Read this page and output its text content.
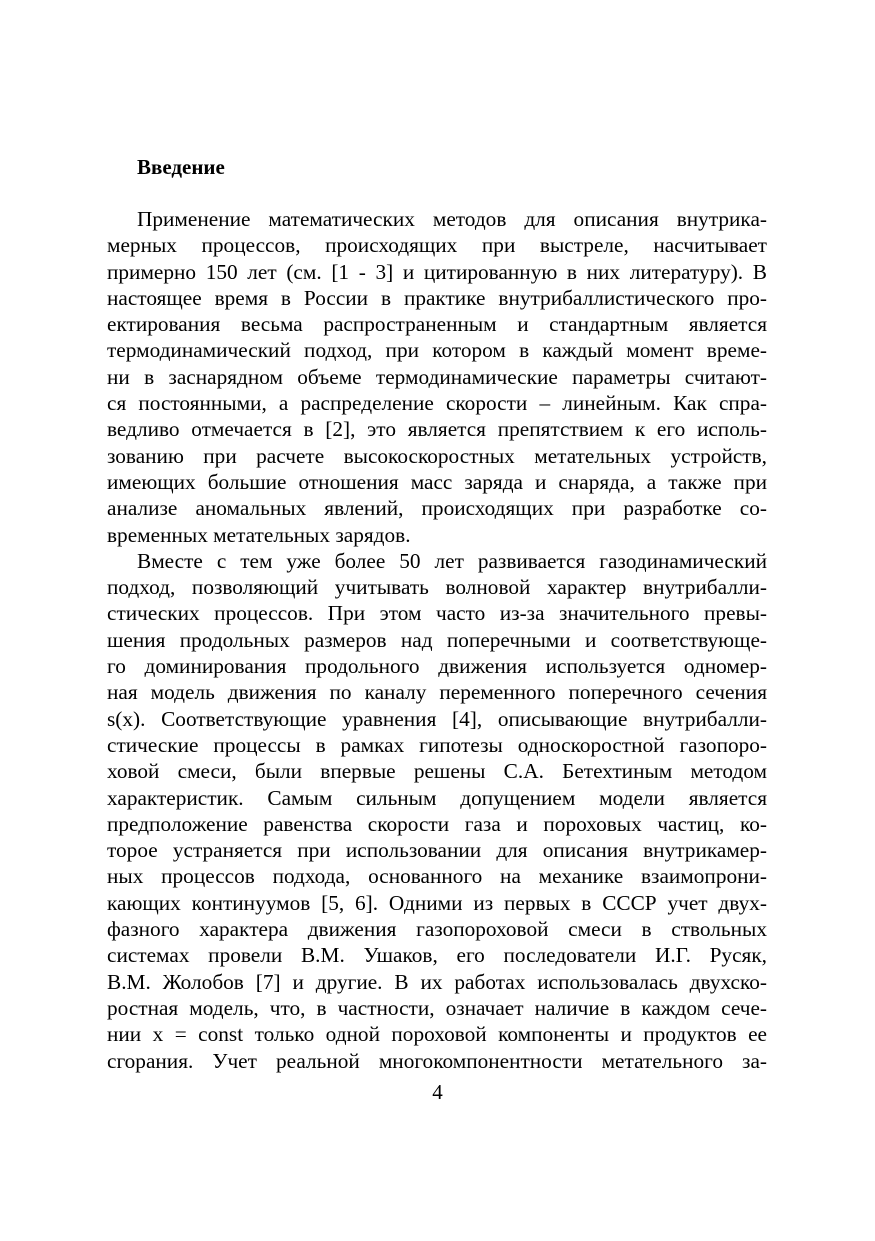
Введение
Применение математических методов для описания внутрика-
мерных процессов, происходящих при выстреле, насчитывает
примерно 150 лет (см. [1 - 3] и цитированную в них литературу). В
настоящее время в России в практике внутрибаллистического про-
ектирования весьма распространенным и стандартным является
термодинамический подход, при котором в каждый момент време-
ни в заснарядном объеме термодинамические параметры считают-
ся постоянными, а распределение скорости – линейным. Как спра-
ведливо отмечается в [2], это является препятствием к его исполь-
зованию при расчете высокоскоростных метательных устройств,
имеющих большие отношения масс заряда и снаряда, а также при
анализе аномальных явлений, происходящих при разработке со-
временных метательных зарядов.
Вместе с тем уже более 50 лет развивается газодинамический
подход, позволяющий учитывать волновой характер внутрибалли-
стических процессов. При этом часто из-за значительного превы-
шения продольных размеров над поперечными и соответствующе-
го доминирования продольного движения используется одномер-
ная модель движения по каналу переменного поперечного сечения
s(x). Соответствующие уравнения [4], описывающие внутрибалли-
стические процессы в рамках гипотезы односкоростной газопоро-
ховой смеси, были впервые решены С.А. Бетехтиным методом
характеристик. Самым сильным допущением модели является
предположение равенства скорости газа и пороховых частиц, ко-
торое устраняется при использовании для описания внутрикамер-
ных процессов подхода, основанного на механике взаимопрони-
кающих континуумов [5, 6]. Одними из первых в СССР учет двух-
фазного характера движения газопороховой смеси в ствольных
системах провели В.М. Ушаков, его последователи И.Г. Русяк,
В.М. Жолобов [7] и другие. В их работах использовалась двухско-
ростная модель, что, в частности, означает наличие в каждом сече-
нии x = const только одной пороховой компоненты и продуктов ее
сгорания. Учет реальной многокомпонентности метательного за-
4
